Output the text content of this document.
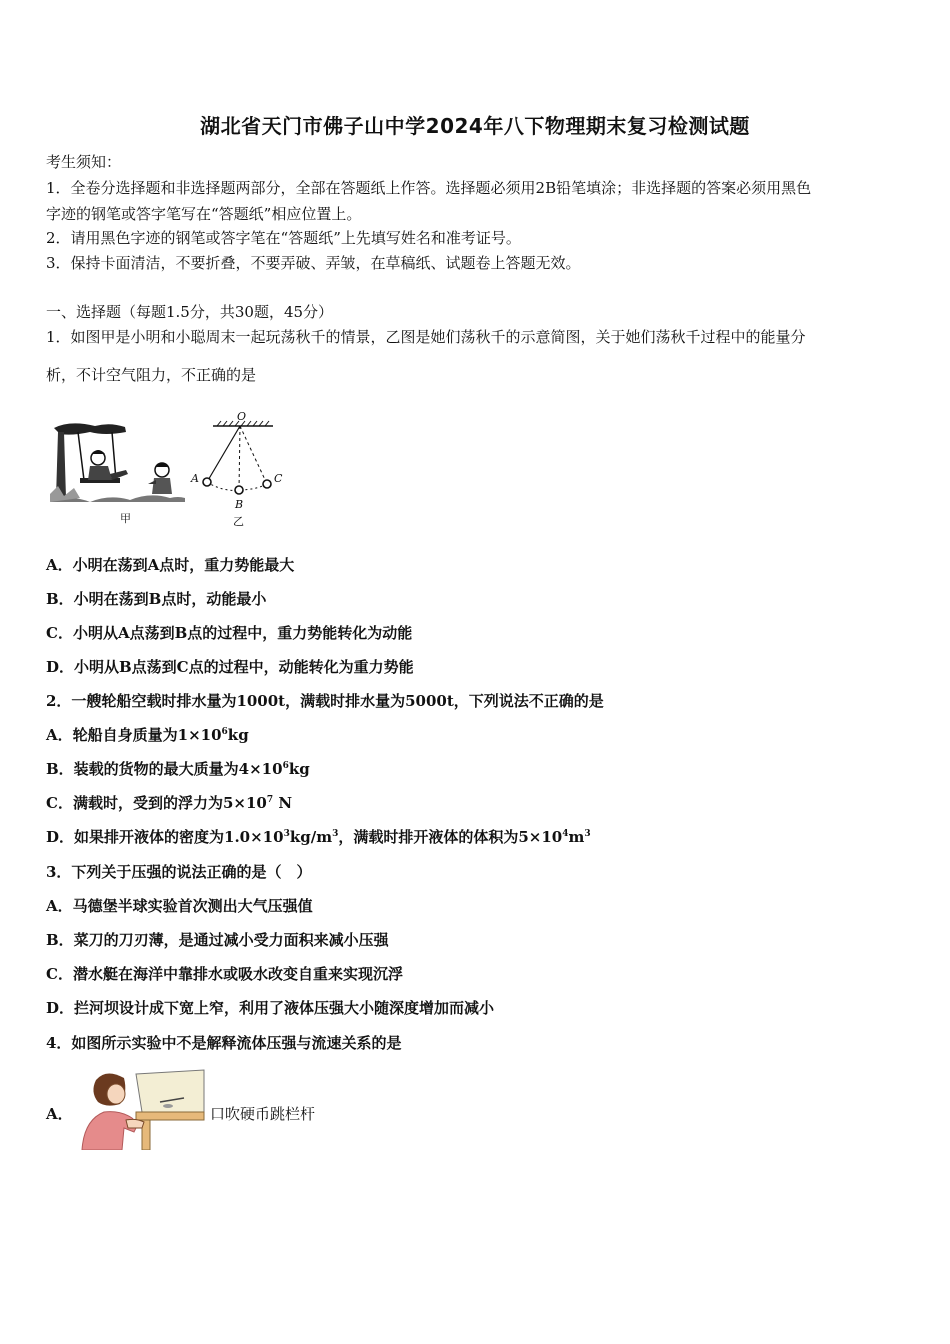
湖北省天门市佛子山中学2024年八下物理期末复习检测试题
考生须知：
1．全卷分选择题和非选择题两部分，全部在答题纸上作答。选择题必须用2B铅笔填涂；非选择题的答案必须用黑色
字迹的钢笔或答字笔写在“答题纸”相应位置上。
2．请用黑色字迹的钢笔或答字笔在“答题纸”上先填写姓名和准考证号。
3．保持卡面清洁，不要折叠，不要弄破、弄皱，在草稿纸、试题卷上答题无效。
一、选择题（每题1.5分，共30题，45分）
1．如图甲是小明和小聪周末一起玩荡秋千的情景，乙图是她们荡秋千的示意简图，关于她们荡秋千过程中的能量分
析，不计空气阻力，不正确的是
甲
O
A
B
C
乙
A．小明在荡到A点时，重力势能最大
B．小明在荡到B点时，动能最小
C．小明从A点荡到B点的过程中，重力势能转化为动能
D．小明从B点荡到C点的过程中，动能转化为重力势能
2．一艘轮船空载时排水量为1000t，满载时排水量为5000t，下列说法不正确的是
A．轮船自身质量为$1\times 10^6kg$
B．装载的货物的最大质量为$4\times 10^6kg$
C．满载时，受到的浮力为$5\times 10^7$ N
D．如果排开液体的密度为$1.0\times 10^3kg/m^3$，满载时排开液体的体积为$5\times 10^4m^3$
3．下列关于压强的说法正确的是（　）
A．马德堡半球实验首次测出大气压强值
B．菜刀的刀刃薄，是通过减小受力面积来减小压强
C．潜水艇在海洋中靠排水或吸水改变自重来实现沉浮
D．拦河坝设计成下宽上窄，利用了液体压强大小随深度增加而减小
4．如图所示实验中不是解释流体压强与流速关系的是
A．	口吹硬币跳栏杆
